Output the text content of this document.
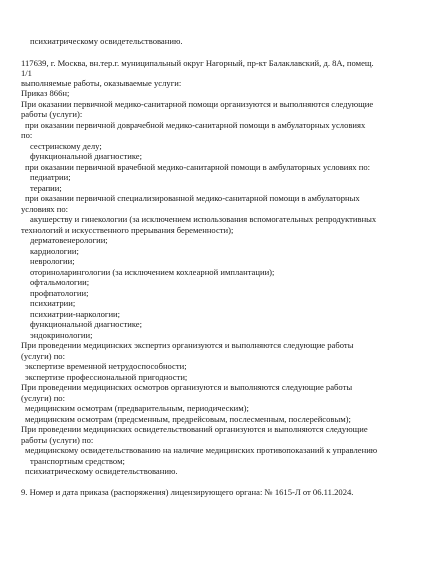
психиатрическому освидетельствованию.
117639, г. Москва, вн.тер.г. муниципальный округ Нагорный, пр-кт Балаклавский, д. 8А, помещ.
1/1
выполняемые работы, оказываемые услуги:
Приказ 866н;
При оказании первичной медико-санитарной помощи организуются и выполняются следующие
работы (услуги):
при оказании первичной доврачебной медико-санитарной помощи в амбулаторных условиях
по:
сестринскому делу;
функциональной диагностике;
при оказании первичной врачебной медико-санитарной помощи в амбулаторных условиях по:
педиатрии;
терапии;
при оказании первичной специализированной медико-санитарной помощи в амбулаторных
условиях по:
акушерству и гинекологии (за исключением использования вспомогательных репродуктивных
технологий и искусственного прерывания беременности);
дерматовенерологии;
кардиологии;
неврологии;
оториноларингологии (за исключением кохлеарной имплантации);
офтальмологии;
профпатологии;
психиатрии;
психиатрии-наркологии;
функциональной диагностике;
эндокринологии;
При проведении медицинских экспертиз организуются и выполняются следующие работы
(услуги) по:
экспертизе временной нетрудоспособности;
экспертизе профессиональной пригодности;
При проведении медицинских осмотров организуются и выполняются следующие работы
(услуги) по:
медицинским осмотрам (предварительным, периодическим);
медицинским осмотрам (предсменным, предрейсовым, послесменным, послерейсовым);
При проведении медицинских освидетельствований организуются и выполняются следующие
работы (услуги) по:
медицинскому освидетельствованию на наличие медицинских противопоказаний к управлению
транспортным средством;
психиатрическому освидетельствованию.
9. Номер и дата приказа (распоряжения) лицензирующего органа: № 1615-Л от 06.11.2024.
